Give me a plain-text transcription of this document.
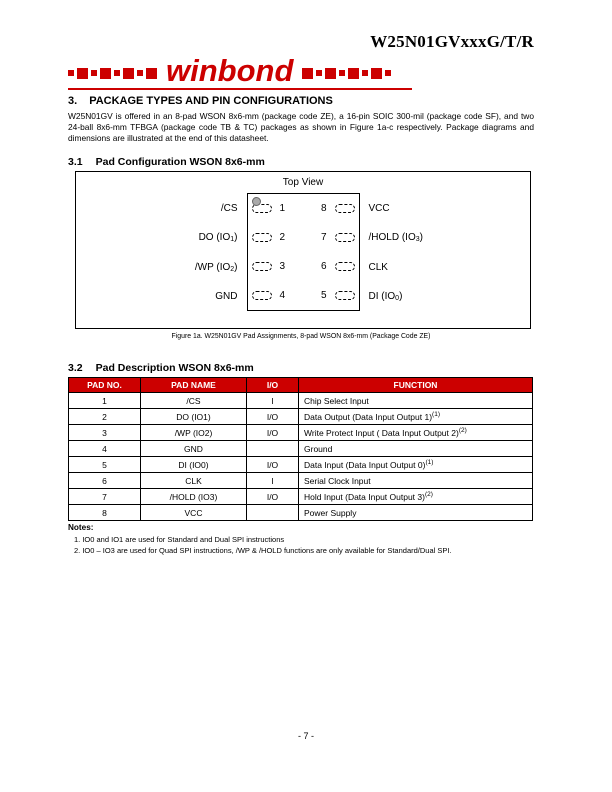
W25N01GVxxxG/T/R
winbond
3. PACKAGE TYPES AND PIN CONFIGURATIONS
W25N01GV is offered in an 8-pad WSON 8x6-mm (package code ZE), a 16-pin SOIC 300-mil (package code SF), and two 24-ball 8x6-mm TFBGA (package code TB & TC) packages as shown in Figure 1a-c respectively. Package diagrams and dimensions are illustrated at the end of this datasheet.
3.1 Pad Configuration WSON 8x6-mm
Top View
/CS
DO ($IO_1$ )
/WP ($IO_2$ )
GND
1	8
2	7
3	6
4	5
VCC
/HOLD ($IO_3$ )
CLK
DI ($IO_0$ )
Figure 1a. W25N01GV Pad Assignments, 8-pad WSON 8x6-mm (Package Code ZE)
3.2 Pad Description WSON 8x6-mm
PAD NO.	PAD NAME	I/O	FUNCTION
1	/CS	I	Chip Select Input
2	DO (IO1)	I/O	Data Output (Data Input Output 1)$^{(1)}$
3	/WP (IO2)	I/O	Write Protect Input ( Data Input Output 2)$^{(2)}$
4	GND		Ground
5	DI (IO0)	I/O	Data Input (Data Input Output 0)$^{(1)}$
6	CLK	I	Serial Clock Input
7	/HOLD (IO3)	I/O	Hold Input (Data Input Output 3)$^{(2)}$
8	VCC		Power Supply
Notes:
1. IO0 and IO1 are used for Standard and Dual SPI instructions
2. IO0 – IO3 are used for Quad SPI instructions, /WP & /HOLD functions are only available for Standard/Dual SPI.
- 7 -
